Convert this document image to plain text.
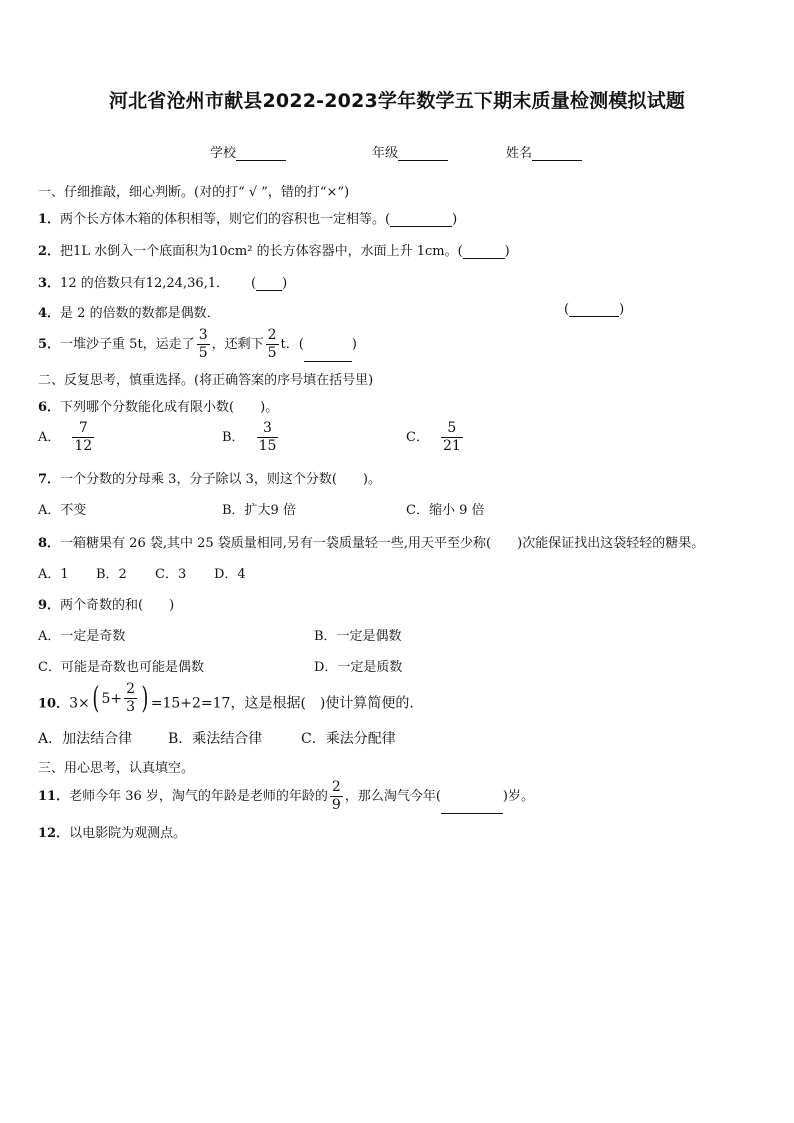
河北省沧州市献县2022-2023学年数学五下期末质量检测模拟试题
学校	年级	姓名
一、仔细推敲，细心判断。(对的打“ √ ”，错的打“×”)
1．两个长方体木箱的体积相等，则它们的容积也一定相等。(	)
2．把1L 水倒入一个底面积为10cm² 的长方体容器中，水面上升 1cm。(	)
3．12 的倍数只有12,24,36,1． ( )
4．是 2 的倍数的数都是偶数．	(	)
5．一堆沙子重 5t，运走了 $\frac{3}{5}$ ，还剩下 $\frac{2}{5}$ t．(	)
二、反复思考，慎重选择。(将正确答案的序号填在括号里)
6．下列哪个分数能化成有限小数(　　)。
A． $\frac{7}{12}$	B． $\frac{3}{15}$	C． $\frac{5}{21}$
7．一个分数的分母乘 3，分子除以 3，则这个分数(　　)。
A．不变	B．扩大9 倍	C．缩小 9 倍
8．一箱糖果有 26 袋,其中 25 袋质量相同,另有一袋质量轻一些,用天平至少称(　　)次能保证找出这袋轻轻的糖果。
A．1 B．2 C．3 D．4
9．两个奇数的和(　　)
A．一定是奇数	B．一定是偶数
C．可能是奇数也可能是偶数	D．一定是质数
10．3× ( $5+ \frac{2}{3}$ ) =15+2=17，这是根据(　)使计算简便的.
A．加法结合律	B．乘法结合律	C．乘法分配律
三、用心思考，认真填空。
11．老师今年 36 岁，淘气的年龄是老师的年龄的 $\frac{2}{9}$ ，那么淘气今年(	)岁。
12．以电影院为观测点。
